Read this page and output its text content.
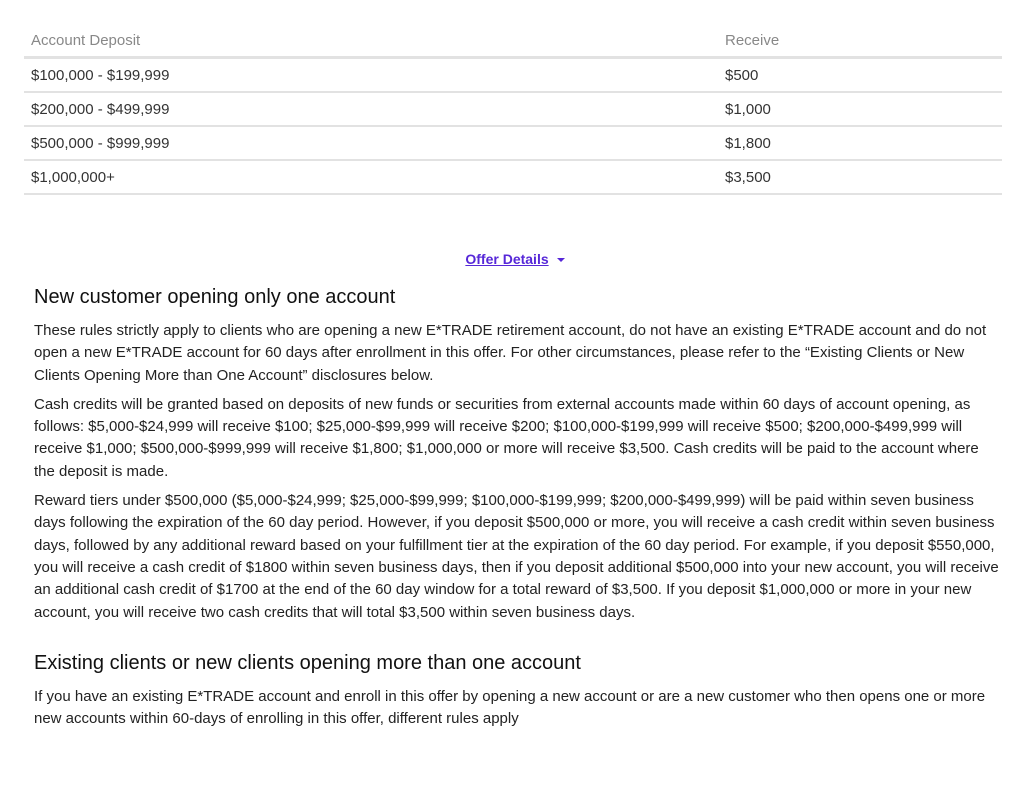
Account Deposit	Receive
$100,000 - $199,999	$500
$200,000 - $499,999	$1,000
$500,000 - $999,999	$1,800
$1,000,000+	$3,500
Offer Details
New customer opening only one account

These rules strictly apply to clients who are opening a new E*TRADE retirement account, do not have an existing E*TRADE account and do not open a new E*TRADE account for 60 days after enrollment in this offer. For other circumstances, please refer to the “Existing Clients or New Clients Opening More than One Account” disclosures below.

Cash credits will be granted based on deposits of new funds or securities from external accounts made within 60 days of account opening, as follows: $5,000-$24,999 will receive $100; $25,000-$99,999 will receive $200; $100,000-$199,999 will receive $500; $200,000-$499,999 will receive $1,000; $500,000-$999,999 will receive $1,800; $1,000,000 or more will receive $3,500. Cash credits will be paid to the account where the deposit is made.

Reward tiers under $500,000 ($5,000-$24,999; $25,000-$99,999; $100,000-$199,999; $200,000-$499,999) will be paid within seven business days following the expiration of the 60 day period. However, if you deposit $500,000 or more, you will receive a cash credit within seven business days, followed by any additional reward based on your fulfillment tier at the expiration of the 60 day period. For example, if you deposit $550,000, you will receive a cash credit of $1800 within seven business days, then if you deposit additional $500,000 into your new account, you will receive an additional cash credit of $1700 at the end of the 60 day window for a total reward of $3,500. If you deposit $1,000,000 or more in your new account, you will receive two cash credits that will total $3,500 within seven business days.

Existing clients or new clients opening more than one account

If you have an existing E*TRADE account and enroll in this offer by opening a new account or are a new customer who then opens one or more new accounts within 60-days of enrolling in this offer, different rules apply
